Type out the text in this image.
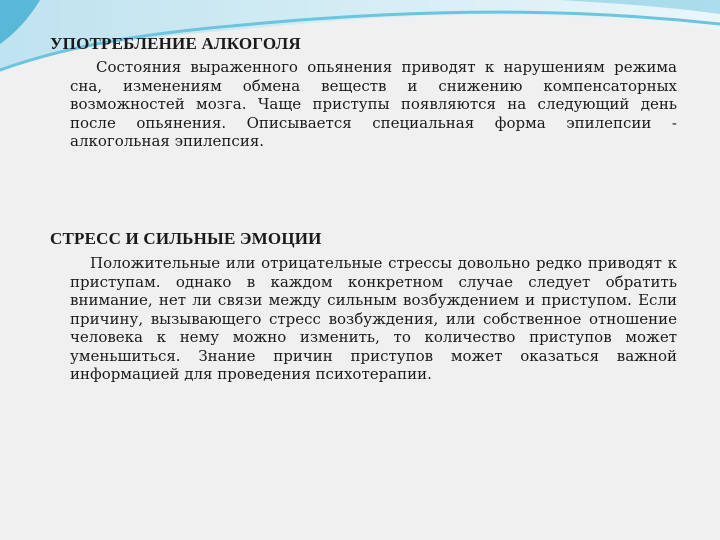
УПОТРЕБЛЕНИЕ АЛКОГОЛЯ

Состояния выраженного опьянения приводят к нарушениям режима сна, изменениям обмена веществ и снижению компенсаторных возможностей мозга. Чаще приступы появляются на следующий день после опьянения. Описывается специальная форма эпилепсии - алкогольная эпилепсия.

СТРЕСС И СИЛЬНЫЕ ЭМОЦИИ

Положительные или отрицательные стрессы довольно редко приводят к приступам. однако в каждом конкретном случае следует обратить внимание, нет ли связи между сильным возбуждением и приступом. Если причину, вызывающего стресс возбуждения, или собственное отношение человека к нему можно изменить, то количество приступов может уменьшиться. Знание причин приступов может оказаться важной информацией для проведения психотерапии.
